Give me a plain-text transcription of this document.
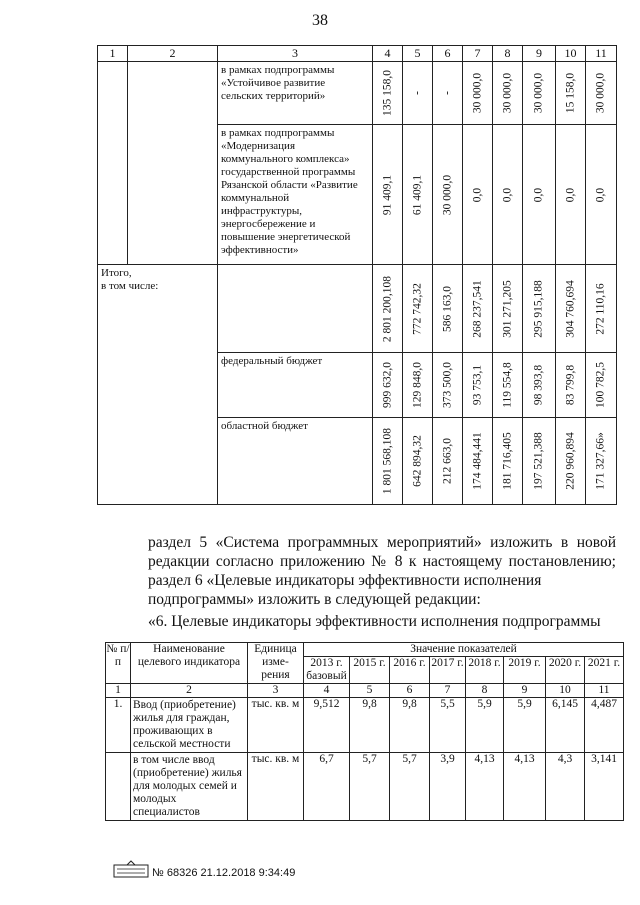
38
1	2	3	4	5	6	7	8	9	10	11
		в рамках подпрограммы «Устойчивое развитие сельских территорий»	135 158,0	-	-	30 000,0	30 000,0	30 000,0	15 158,0	30 000,0

		в рамках подпрограммы «Модернизация коммунального комплекса» государственной программы Рязанской области «Развитие коммунальной инфраструктуры, энергосбережение и повышение энергетической эффективности»	91 409,1	61 409,1	30 000,0	0,0	0,0	0,0	0,0	0,0

Итого,
в том числе:			2 801 200,108	772 742,32	586 163,0	268 237,541	301 271,205	295 915,188	304 760,694	272 110,16

		федеральный бюджет	999 632,0	129 848,0	373 500,0	93 753,1	119 554,8	98 393,8	83 799,8	100 782,5

		областной бюджет	1 801 568,108	642 894,32	212 663,0	174 484,441	181 716,405	197 521,388	220 960,894	171 327,66»
раздел 5 «Система программных мероприятий» изложить в новой редакции согласно приложению № 8 к настоящему постановлению;
раздел 6 «Целевые индикаторы эффективности исполнения подпрограммы» изложить в следующей редакции:
«6. Целевые индикаторы эффективности исполнения подпрограммы
№ п/п	Наименование целевого индикатора	Единица изме-рения	Значение показателей							
			2013 г. базовый	2015 г.	2016 г.	2017 г.	2018 г.	2019 г.	2020 г.	2021 г.
1	2	3	4	5	6	7	8	9	10	11
1.	Ввод (приобретение) жилья для граждан, проживающих в сельской местности	тыс. кв. м	9,512	9,8	9,8	5,5	5,9	5,9	6,145	4,487
	в том числе ввод (приобретение) жилья для молодых семей и молодых специалистов	тыс. кв. м	6,7	5,7	5,7	3,9	4,13	4,13	4,3	3,141
№ 68326 21.12.2018 9:34:49
